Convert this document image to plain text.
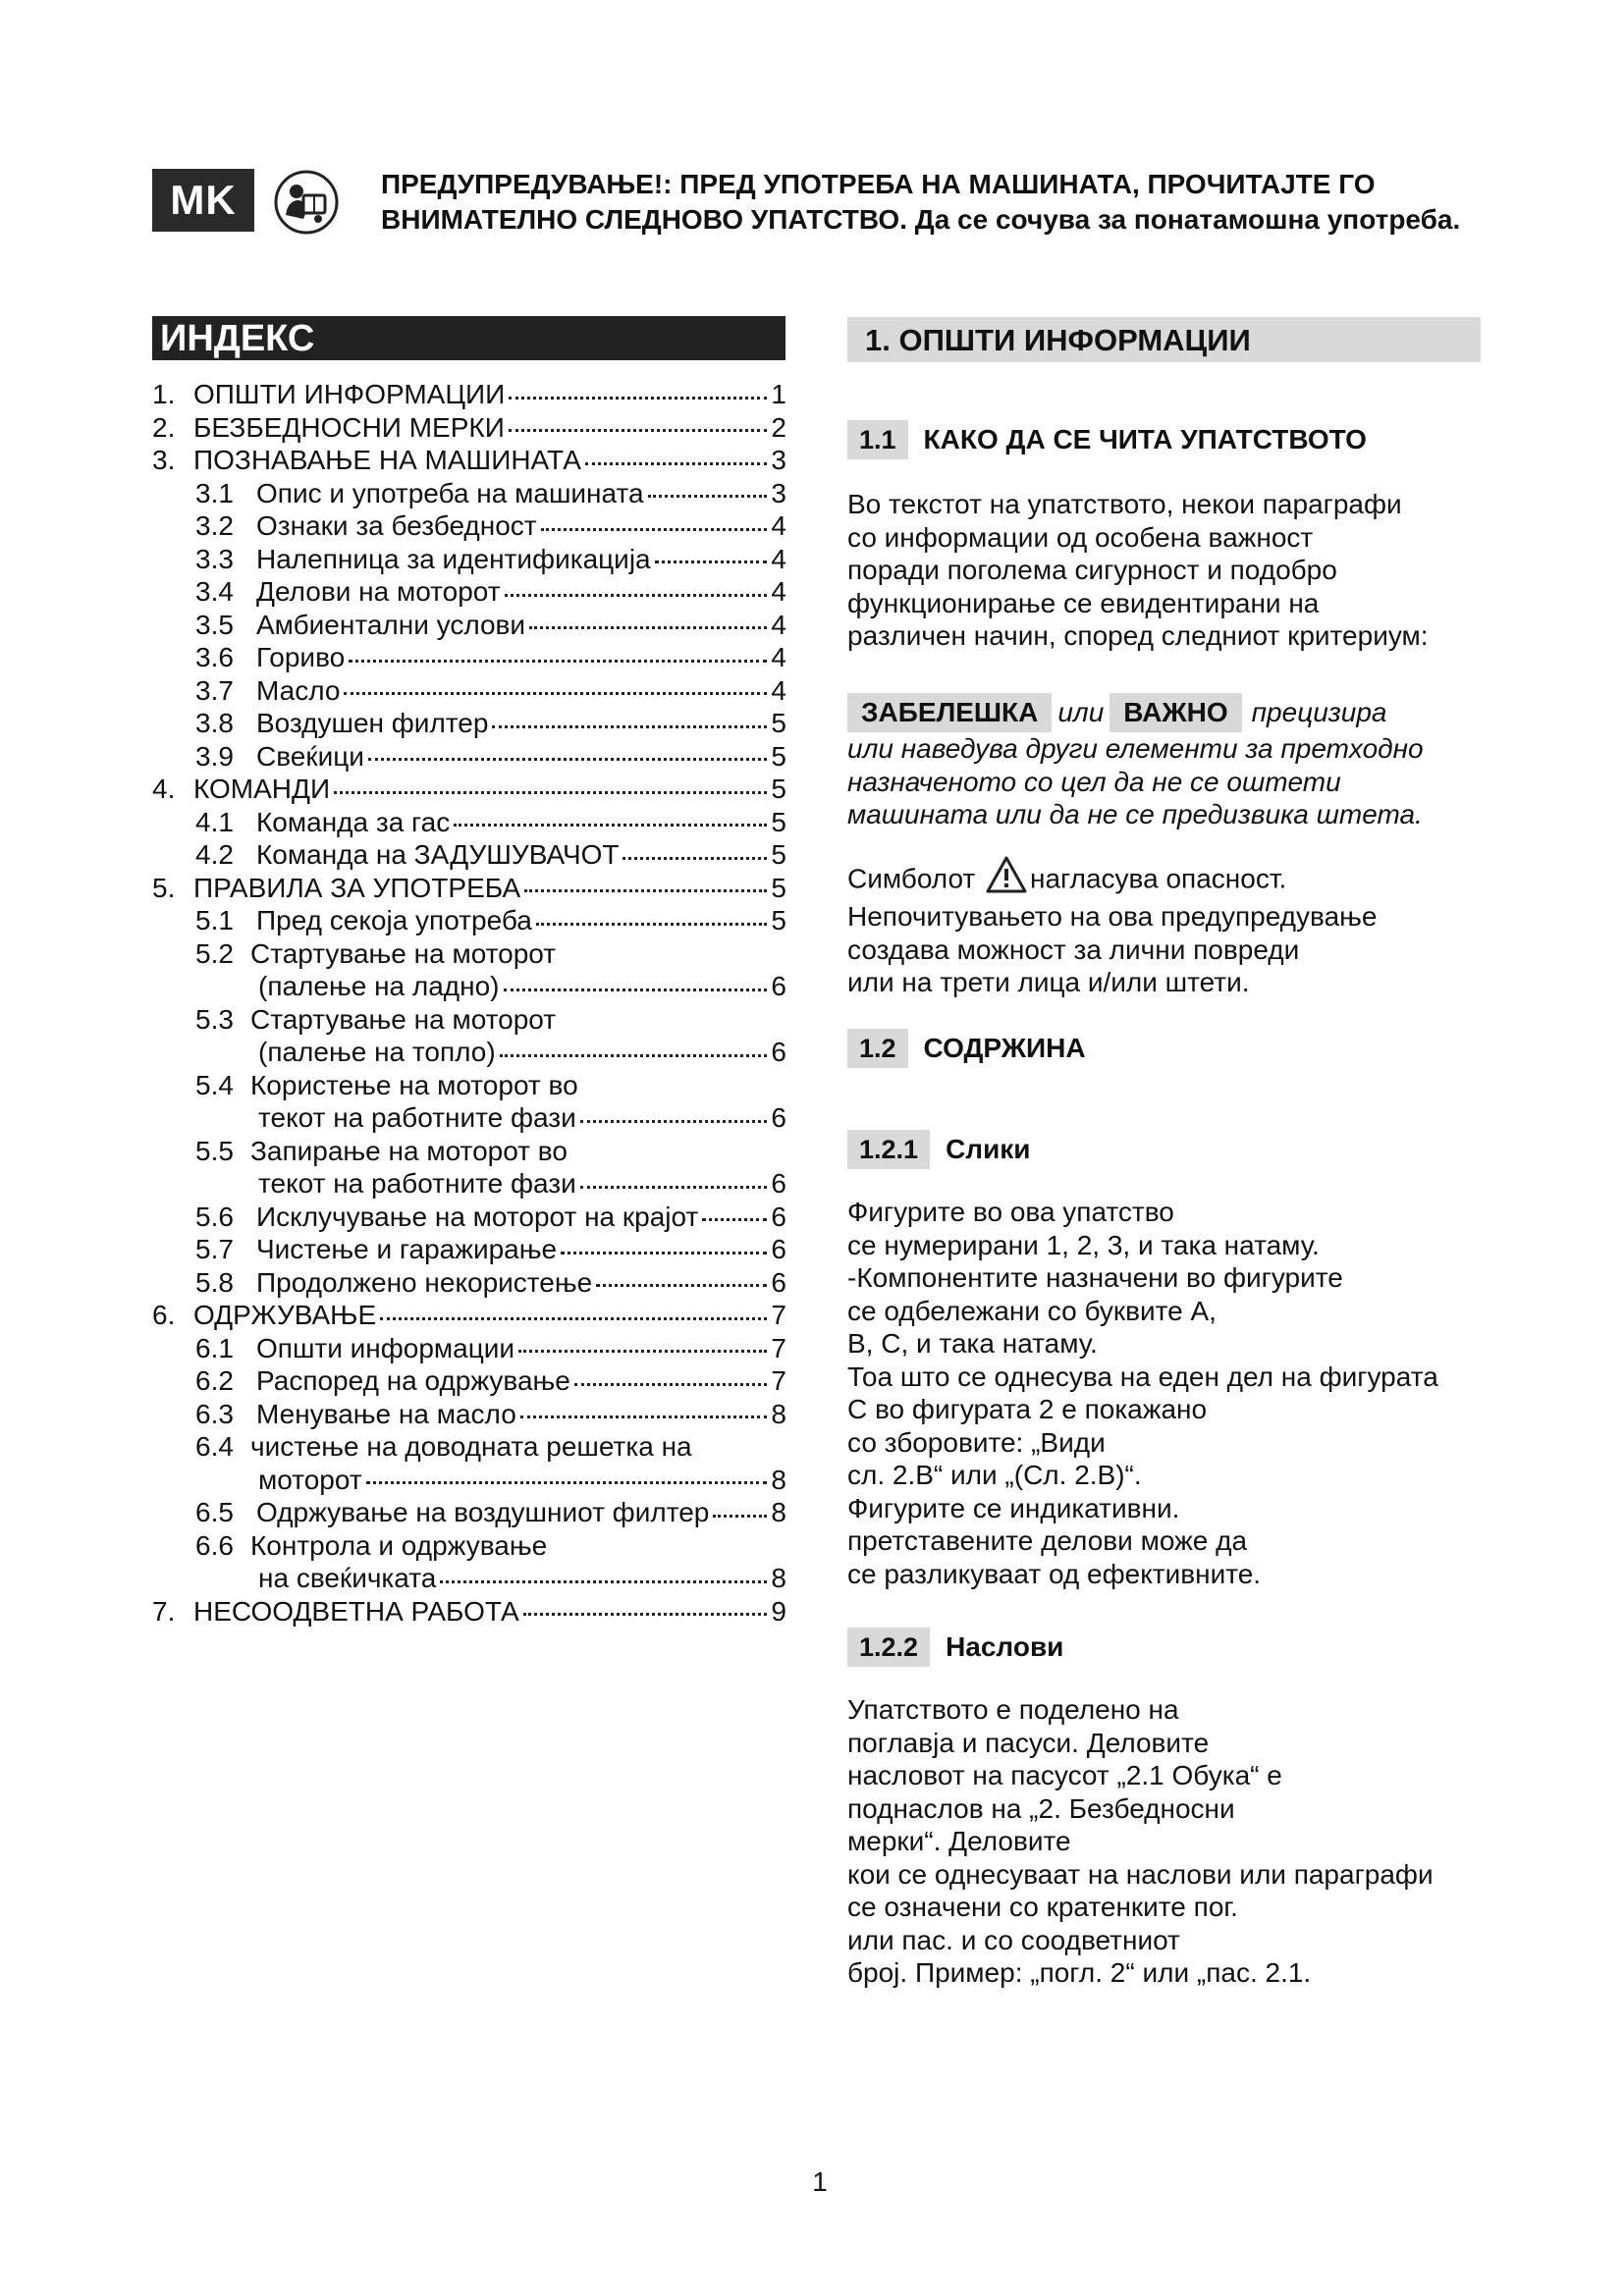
MK	ПРЕДУПРЕДУВАЊЕ!: ПРЕД УПОТРЕБА НА МАШИНАТА, ПРОЧИТАЈТЕ ГО
ВНИМАТЕЛНО СЛЕДНОВО УПАТСТВО. Да се сочува за понатамошна употреба.
ИНДЕКС
1. ОПШТИ ИНФОРМАЦИИ	1
2. БЕЗБЕДНОСНИ МЕРКИ	2
3. ПОЗНАВАЊЕ НА МАШИНАТА	3
3.1 Опис и употреба на машината	3
3.2 Ознаки за безбедност	4
3.3 Налепница за идентификација	4
3.4 Делови на моторот	4
3.5 Амбиентални услови	4
3.6 Гориво	4
3.7 Масло	4
3.8 Воздушен филтер	5
3.9 Свеќици	5
4. КОМАНДИ	5
4.1 Команда за гас	5
4.2 Команда на ЗАДУШУВАЧОТ	5
5. ПРАВИЛА ЗА УПОТРЕБА	5
5.1 Пред секоја употреба	5
5.2 Стартување на моторот
(палење на ладно)	6
5.3 Стартување на моторот
(палење на топло)	6
5.4 Користење на моторот во
текот на работните фази	6
5.5 Запирање на моторот во
текот на работните фази	6
5.6 Исклучување на моторот на крајот	6
5.7 Чистење и гаражирање	6
5.8 Продолжено некористење	6
6. ОДРЖУВАЊЕ	7
6.1 Општи информации	7
6.2 Распоред на одржување	7
6.3 Менување на масло	8
6.4 чистење на доводната решетка на
моторот	8
6.5 Одржување на воздушниот филтер 8
6.6 Контрола и одржување
на свеќичката	8
7. НЕСООДВЕТНА РАБОТА	9
1. ОПШТИ ИНФОРМАЦИИ
1.1	КАКО ДА СЕ ЧИТА УПАТСТВОТО
Во текстот на упатството, некои параграфи
со информации од особена важност
поради поголема сигурност и подобро
функционирање се евидентирани на
различен начин, според следниот критериум:
ЗАБЕЛЕШКА или ВАЖНО прецизира
или наведува други елементи за претходно
назначеното со цел да не се оштети
машината или да не се предизвика штета.
Симболот нагласува опасност.
Непочитувањето на ова предупредување
создава можност за лични повреди
или на трети лица и/или штети.
1.2	СОДРЖИНА
1.2.1	Слики
Фигурите во ова упатство
се нумерирани 1, 2, 3, и така натаму.
-Компонентите назначени во фигурите
се одбележани со буквите A,
B, C, и така натаму.
Тоа што се однесува на еден дел на фигурата
C во фигурата 2 е покажано
со зборовите: „Види
сл. 2.B“ или „(Сл. 2.B)“.
Фигурите се индикативни.
претставените делови може да
се разликуваат од ефективните.
1.2.2	Наслови
Упатството е поделено на
поглавја и пасуси. Деловите
насловот на пасусот „2.1 Обука“ е
поднаслов на „2. Безбедносни
мерки“. Деловите
кои се однесуваат на наслови или параграфи
се означени со кратенките пог.
или пас. и со соодветниот
број. Пример: „погл. 2“ или „пас. 2.1.
1
